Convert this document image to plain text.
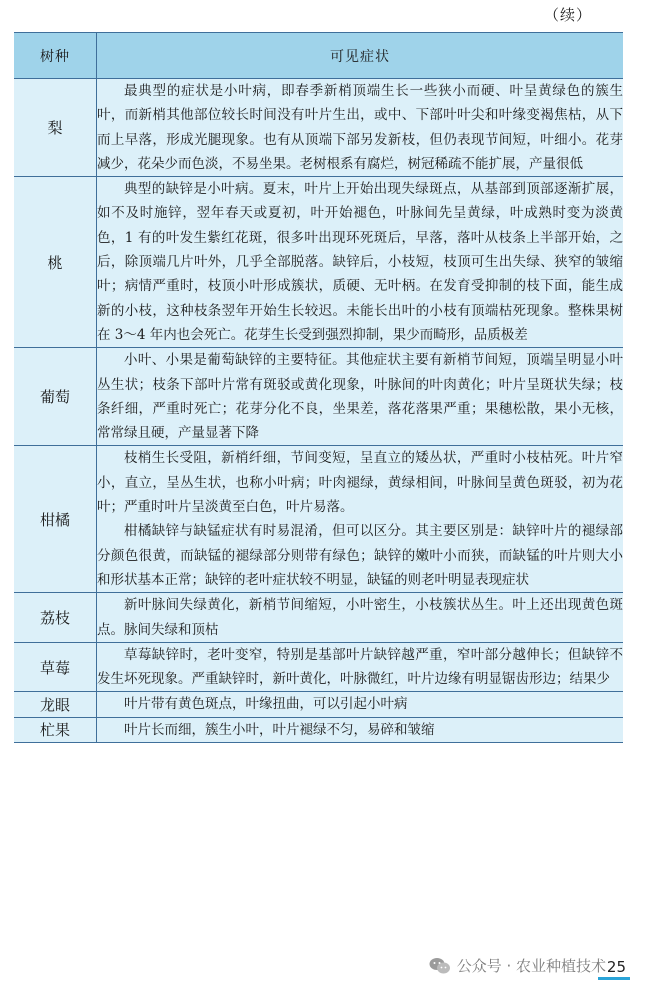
（续）
树种	可见症状
梨	最典型的症状是小叶病，即春季新梢顶端生长一些狭小而硬、叶呈黄绿色的簇生叶，而新梢其他部位较长时间没有叶片生出，或中、下部叶叶尖和叶缘变褐焦枯，从下而上早落，形成光腿现象。也有从顶端下部另发新枝，但仍表现节间短，叶细小。花芽减少，花朵少而色淡，不易坐果。老树根系有腐烂，树冠稀疏不能扩展，产量很低

桃	典型的缺锌是小叶病。夏末，叶片上开始出现失绿斑点，从基部到顶部逐渐扩展，如不及时施锌，翌年春天或夏初，叶开始褪色，叶脉间先呈黄绿，叶成熟时变为淡黄色，1 有的叶发生紫红花斑，很多叶出现环死斑后，早落，落叶从枝条上半部开始，之后，除顶端几片叶外，几乎全部脱落。缺锌后，小枝短，枝顶可生出失绿、狭窄的皱缩叶；病情严重时，枝顶小叶形成簇状，质硬、无叶柄。在发育受抑制的枝下面，能生成新的小枝，这种枝条翌年开始生长较迟。未能长出叶的小枝有顶端枯死现象。整株果树在 3～4 年内也会死亡。花芽生长受到强烈抑制，果少而畸形，品质极差

葡萄	小叶、小果是葡萄缺锌的主要特征。其他症状主要有新梢节间短，顶端呈明显小叶丛生状；枝条下部叶片常有斑驳或黄化现象，叶脉间的叶肉黄化；叶片呈斑状失绿；枝条纤细，严重时死亡；花芽分化不良，坐果差，落花落果严重；果穗松散，果小无核，常常绿且硬，产量显著下降

柑橘	枝梢生长受阻，新梢纤细，节间变短，呈直立的矮丛状，严重时小枝枯死。叶片窄小，直立，呈丛生状，也称小叶病；叶肉褪绿，黄绿相间，叶脉间呈黄色斑驳，初为花叶；严重时叶片呈淡黄至白色，叶片易落。

柑橘缺锌与缺锰症状有时易混淆，但可以区分。其主要区别是：缺锌叶片的褪绿部分颜色很黄，而缺锰的褪绿部分则带有绿色；缺锌的嫩叶小而狭，而缺锰的叶片则大小和形状基本正常；缺锌的老叶症状较不明显，缺锰的则老叶明显表现症状

荔枝	新叶脉间失绿黄化，新梢节间缩短，小叶密生，小枝簇状丛生。叶上还出现黄色斑点。脉间失绿和顶枯

草莓	草莓缺锌时，老叶变窄，特别是基部叶片缺锌越严重，窄叶部分越伸长；但缺锌不发生坏死现象。严重缺锌时，新叶黄化，叶脉微红，叶片边缘有明显锯齿形边；结果少

龙眼	叶片带有黄色斑点，叶缘扭曲，可以引起小叶病

杧果	叶片长而细，簇生小叶，叶片褪绿不匀，易碎和皱缩

公众号 · 农业种植技术 25
